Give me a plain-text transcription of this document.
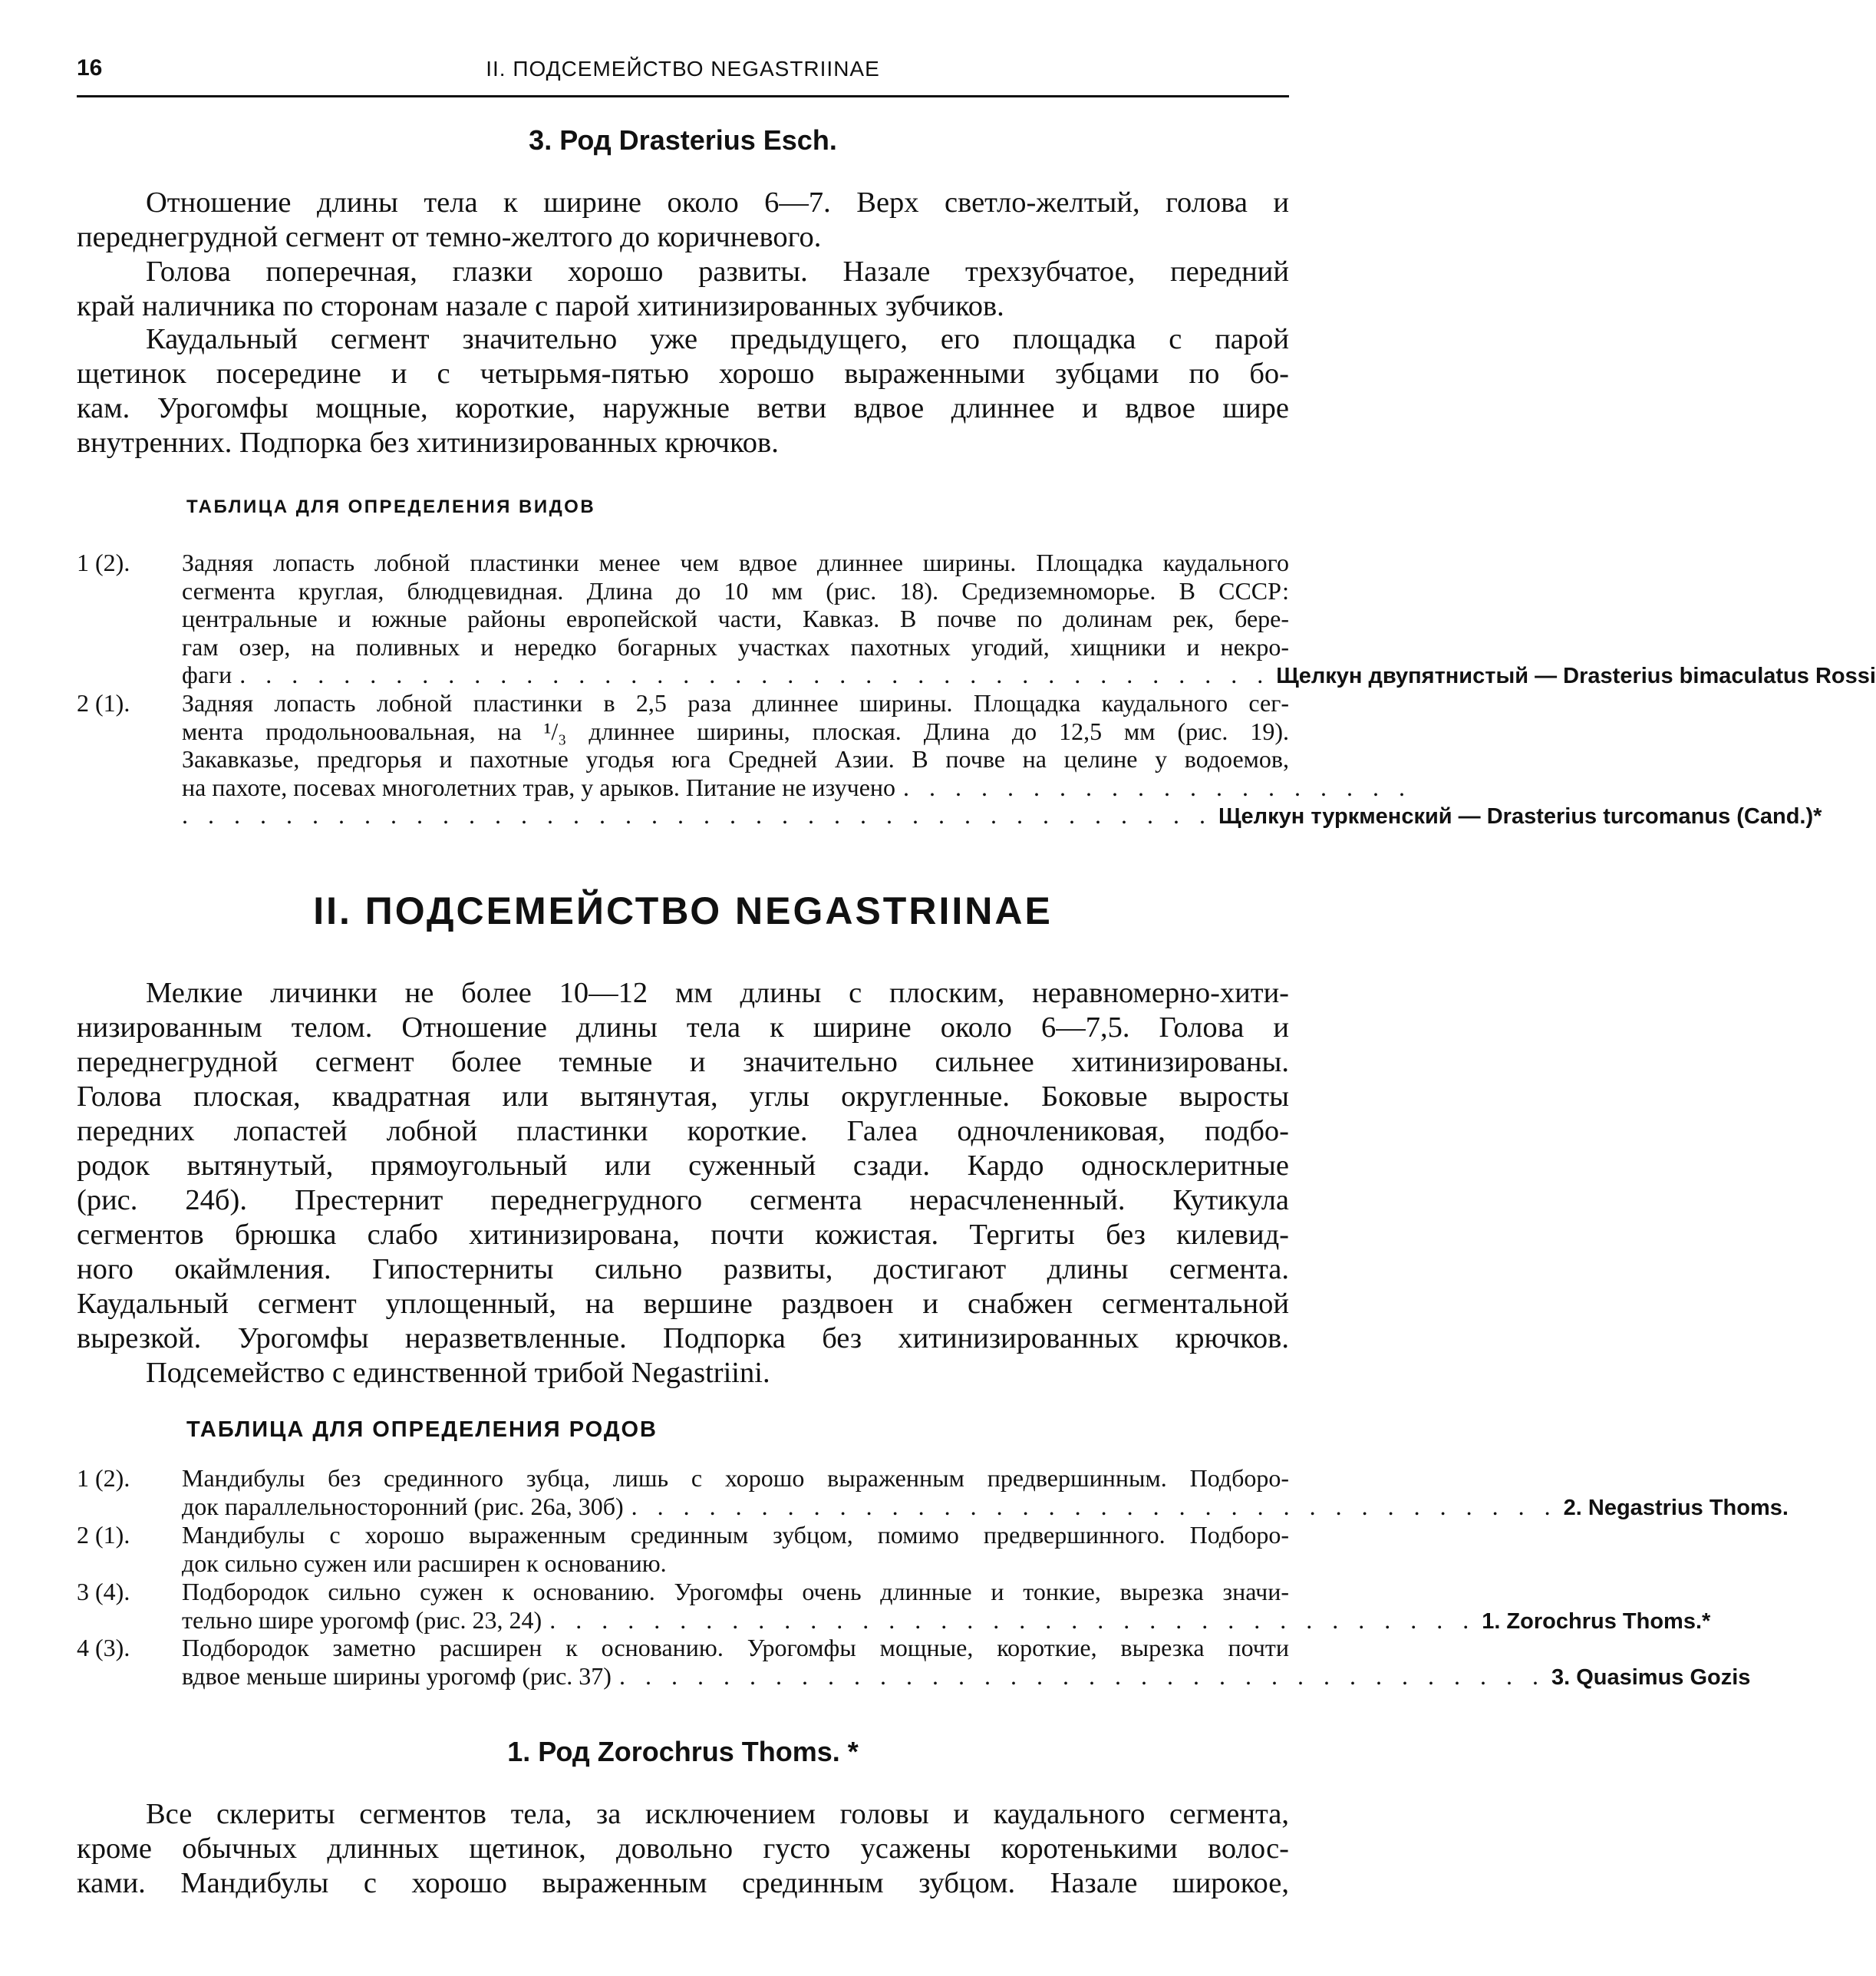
16	II. ПОДСЕМЕЙСТВО NEGASTRIINAE
3. Род Drasterius Esch.
Отношение длины тела к ширине около 6—7. Верх светло-желтый, голова и
переднегрудной сегмент от темно-желтого до коричневого.
Голова поперечная, глазки хорошо развиты. Назале трехзубчатое, передний
край наличника по сторонам назале с парой хитинизированных зубчиков.
Каудальный сегмент значительно уже предыдущего, его площадка с парой
щетинок посередине и с четырьмя-пятью хорошо выраженными зубцами по бо-
кам. Урогомфы мощные, короткие, наружные ветви вдвое длиннее и вдвое шире
внутренних. Подпорка без хитинизированных крючков.
ТАБЛИЦА ДЛЯ ОПРЕДЕЛЕНИЯ ВИДОВ
1 (2). Задняя лопасть лобной пластинки менее чем вдвое длиннее ширины. Площадка каудального
сегмента круглая, блюдцевидная. Длина до 10 мм (рис. 18). Средиземноморье. В СССР:
центральные и южные районы европейской части, Кавказ. В почве по долинам рек, бере-
гам озер, на поливных и нередко богарных участках пахотных угодий, хищники и некро-
фаги . . . . . . . . . . . . . . . . . . . . . . . . . . . . . . . . . . . . . . . . Щелкун двупятнистый — Drasterius bimaculatus Rossi
2 (1). Задняя лопасть лобной пластинки в 2,5 раза длиннее ширины. Площадка каудального сег-
мента продольноовальная, на ¹/₃ длиннее ширины, плоская. Длина до 12,5 мм (рис. 19).
Закавказье, предгорья и пахотные угодья юга Средней Азии. В почве на целине у водоемов,
на пахоте, посевах многолетних трав, у арыков. Питание не изучено . . . . . . . . . . . . . . . . . . . .
. . . . . . . . . . . . . . . . . . . . . . . . . . . . . . . . . . . . . . . . Щелкун туркменский — Drasterius turcomanus (Cand.)*
II. ПОДСЕМЕЙСТВО NEGASTRIINAE
Мелкие личинки не более 10—12 мм длины с плоским, неравномерно-хити-
низированным телом. Отношение длины тела к ширине около 6—7,5. Голова и
переднегрудной сегмент более темные и значительно сильнее хитинизированы.
Голова плоская, квадратная или вытянутая, углы округленные. Боковые выросты
передних лопастей лобной пластинки короткие. Галеа одночлениковая, подбо-
родок вытянутый, прямоугольный или суженный сзади. Кардо односклеритные
(рис. 24б). Престернит переднегрудного сегмента нерасчлененный. Кутикула
сегментов брюшка слабо хитинизирована, почти кожистая. Тергиты без килевид-
ного окаймления. Гипостерниты сильно развиты, достигают длины сегмента.
Каудальный сегмент уплощенный, на вершине раздвоен и снабжен сегментальной
вырезкой. Урогомфы неразветвленные. Подпорка без хитинизированных крючков.
Подсемейство с единственной трибой Negastriini.
ТАБЛИЦА ДЛЯ ОПРЕДЕЛЕНИЯ РОДОВ
1 (2). Мандибулы без срединного зубца, лишь с хорошо выраженным предвершинным. Подборо-
док параллельносторонний (рис. 26а, 30б) . . . . . . . . . . . . . . . . . . . . . . . . . . . . . . . . . . . . 2. Negastrius Thoms.
2 (1). Мандибулы с хорошо выраженным срединным зубцом, помимо предвершинного. Подборо-
док сильно сужен или расширен к основанию.
3 (4). Подбородок сильно сужен к основанию. Урогомфы очень длинные и тонкие, вырезка значи-
тельно шире урогомф (рис. 23, 24) . . . . . . . . . . . . . . . . . . . . . . . . . . . . . . . . . . . . 1. Zorochrus Thoms.*
4 (3). Подбородок заметно расширен к основанию. Урогомфы мощные, короткие, вырезка почти
вдвое меньше ширины урогомф (рис. 37) . . . . . . . . . . . . . . . . . . . . . . . . . . . . . . . . . . . . 3. Quasimus Gozis
1. Род Zorochrus Thoms. *
Все склериты сегментов тела, за исключением головы и каудального сегмента,
кроме обычных длинных щетинок, довольно густо усажены коротенькими волос-
ками. Мандибулы с хорошо выраженным срединным зубцом. Назале широкое,
